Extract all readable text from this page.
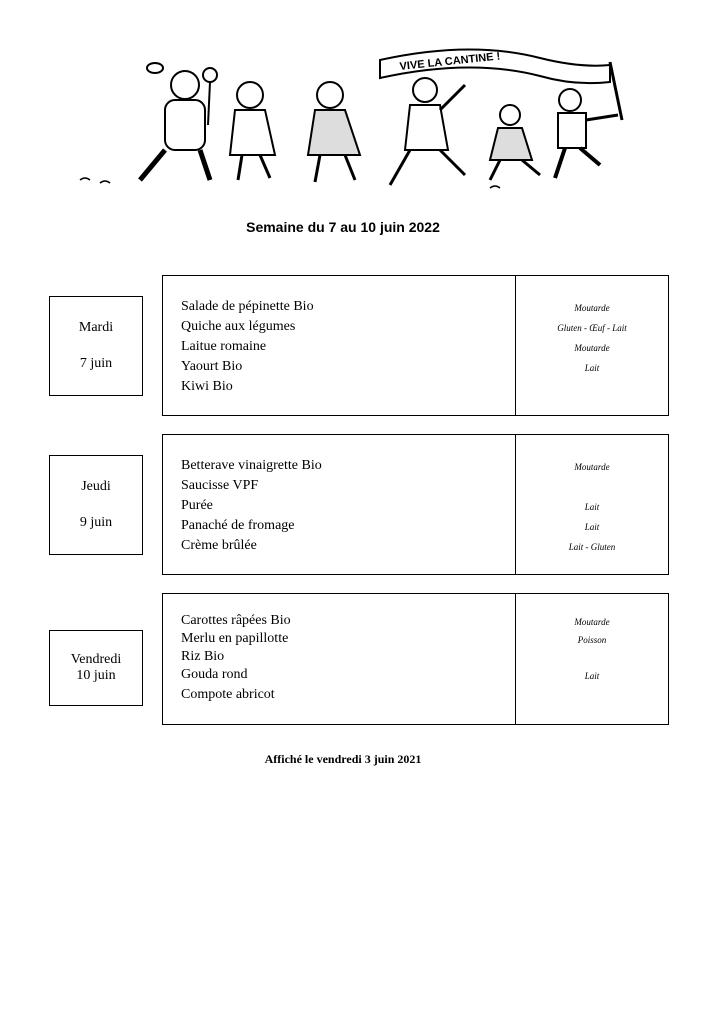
VIVE LA CANTINE !
Semaine du 7 au 10 juin 2022
Mardi
7 juin
Salade de pépinette Bio
Quiche aux légumes
Laitue romaine
Yaourt Bio
Kiwi Bio
Moutarde
Gluten - Œuf - Lait
Moutarde
Lait
Jeudi
9 juin
Betterave vinaigrette Bio
Saucisse VPF
Purée
Panaché de fromage
Crème brûlée
Moutarde
Lait
Lait
Lait - Gluten
Vendredi
10 juin
Carottes râpées Bio
Merlu en papillotte
Riz Bio
Gouda rond
Compote abricot
Moutarde
Poisson
Lait
Affiché le vendredi 3 juin 2021
